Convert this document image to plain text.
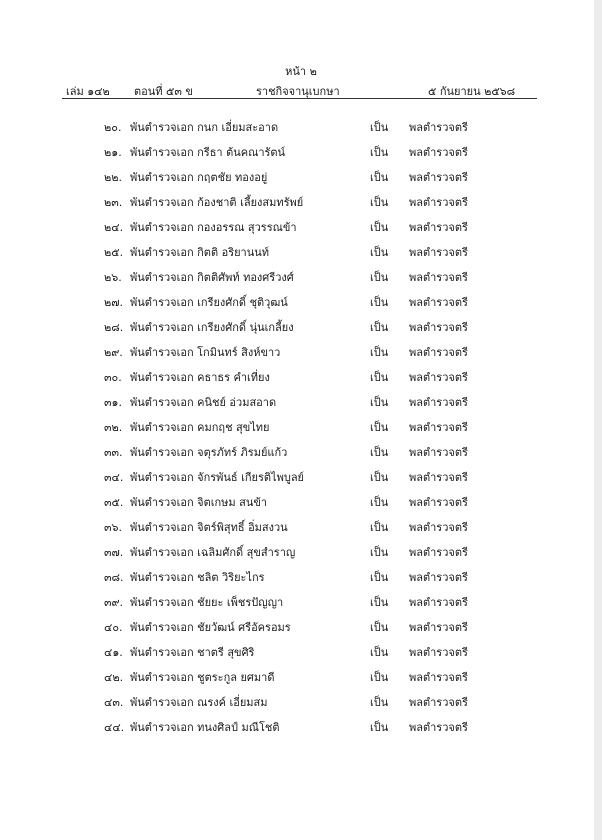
หน้า ๒
เล่ม ๑๔๒ ตอนที่ ๕๓ ข	ราชกิจจานุเบกษา	๕ กันยายน ๒๕๖๘
๒๐. พันตำรวจเอก กนก เอี่ยมสะอาด	เป็น พลตำรวจตรี
๒๑. พันตำรวจเอก กรีธา ต้นคณารัตน์	เป็น พลตำรวจตรี
๒๒. พันตำรวจเอก กฤตชัย ทองอยู่	เป็น พลตำรวจตรี
๒๓. พันตำรวจเอก ก้องชาติ เลี้ยงสมทรัพย์	เป็น พลตำรวจตรี
๒๔. พันตำรวจเอก กองอรรณ สุวรรณข้า	เป็น พลตำรวจตรี
๒๕. พันตำรวจเอก กิตติ อริยานนท์	เป็น พลตำรวจตรี
๒๖. พันตำรวจเอก กิตติศัพท์ ทองศรีวงศ์	เป็น พลตำรวจตรี
๒๗. พันตำรวจเอก เกรียงศักดิ์ ชุติวุฒน์	เป็น พลตำรวจตรี
๒๘. พันตำรวจเอก เกรียงศักดิ์ นุ่นเกลี้ยง	เป็น พลตำรวจตรี
๒๙. พันตำรวจเอก โกมินทร์ สิงห์ขาว	เป็น พลตำรวจตรี
๓๐. พันตำรวจเอก คธาธร คำเที่ยง	เป็น พลตำรวจตรี
๓๑. พันตำรวจเอก คนิชย์ อ่วมสอาด	เป็น พลตำรวจตรี
๓๒. พันตำรวจเอก คมกฤช สุขไทย	เป็น พลตำรวจตรี
๓๓. พันตำรวจเอก จตุรภัทร์ ภิรมย์แก้ว	เป็น พลตำรวจตรี
๓๔. พันตำรวจเอก จักรพันธ์ เกียรติไพบูลย์	เป็น พลตำรวจตรี
๓๕. พันตำรวจเอก จิตเกษม สนข้า	เป็น พลตำรวจตรี
๓๖. พันตำรวจเอก จิตร์พิสุทธิ์ อิ่มสงวน	เป็น พลตำรวจตรี
๓๗. พันตำรวจเอก เฉลิมศักดิ์ สุขสำราญ	เป็น พลตำรวจตรี
๓๘. พันตำรวจเอก ชลิต วิริยะไกร	เป็น พลตำรวจตรี
๓๙. พันตำรวจเอก ชัยยะ เพ็ชรปัญญา	เป็น พลตำรวจตรี
๔๐. พันตำรวจเอก ชัยวัฒน์ ศรีอัครอมร	เป็น พลตำรวจตรี
๔๑. พันตำรวจเอก ชาตรี สุขศิริ	เป็น พลตำรวจตรี
๔๒. พันตำรวจเอก ชูตระกูล ยศมาดี	เป็น พลตำรวจตรี
๔๓. พันตำรวจเอก ณรงค์ เอี่ยมสม	เป็น พลตำรวจตรี
๔๔. พันตำรวจเอก ทนงศิลป์ มณีโชติ	เป็น พลตำรวจตรี
